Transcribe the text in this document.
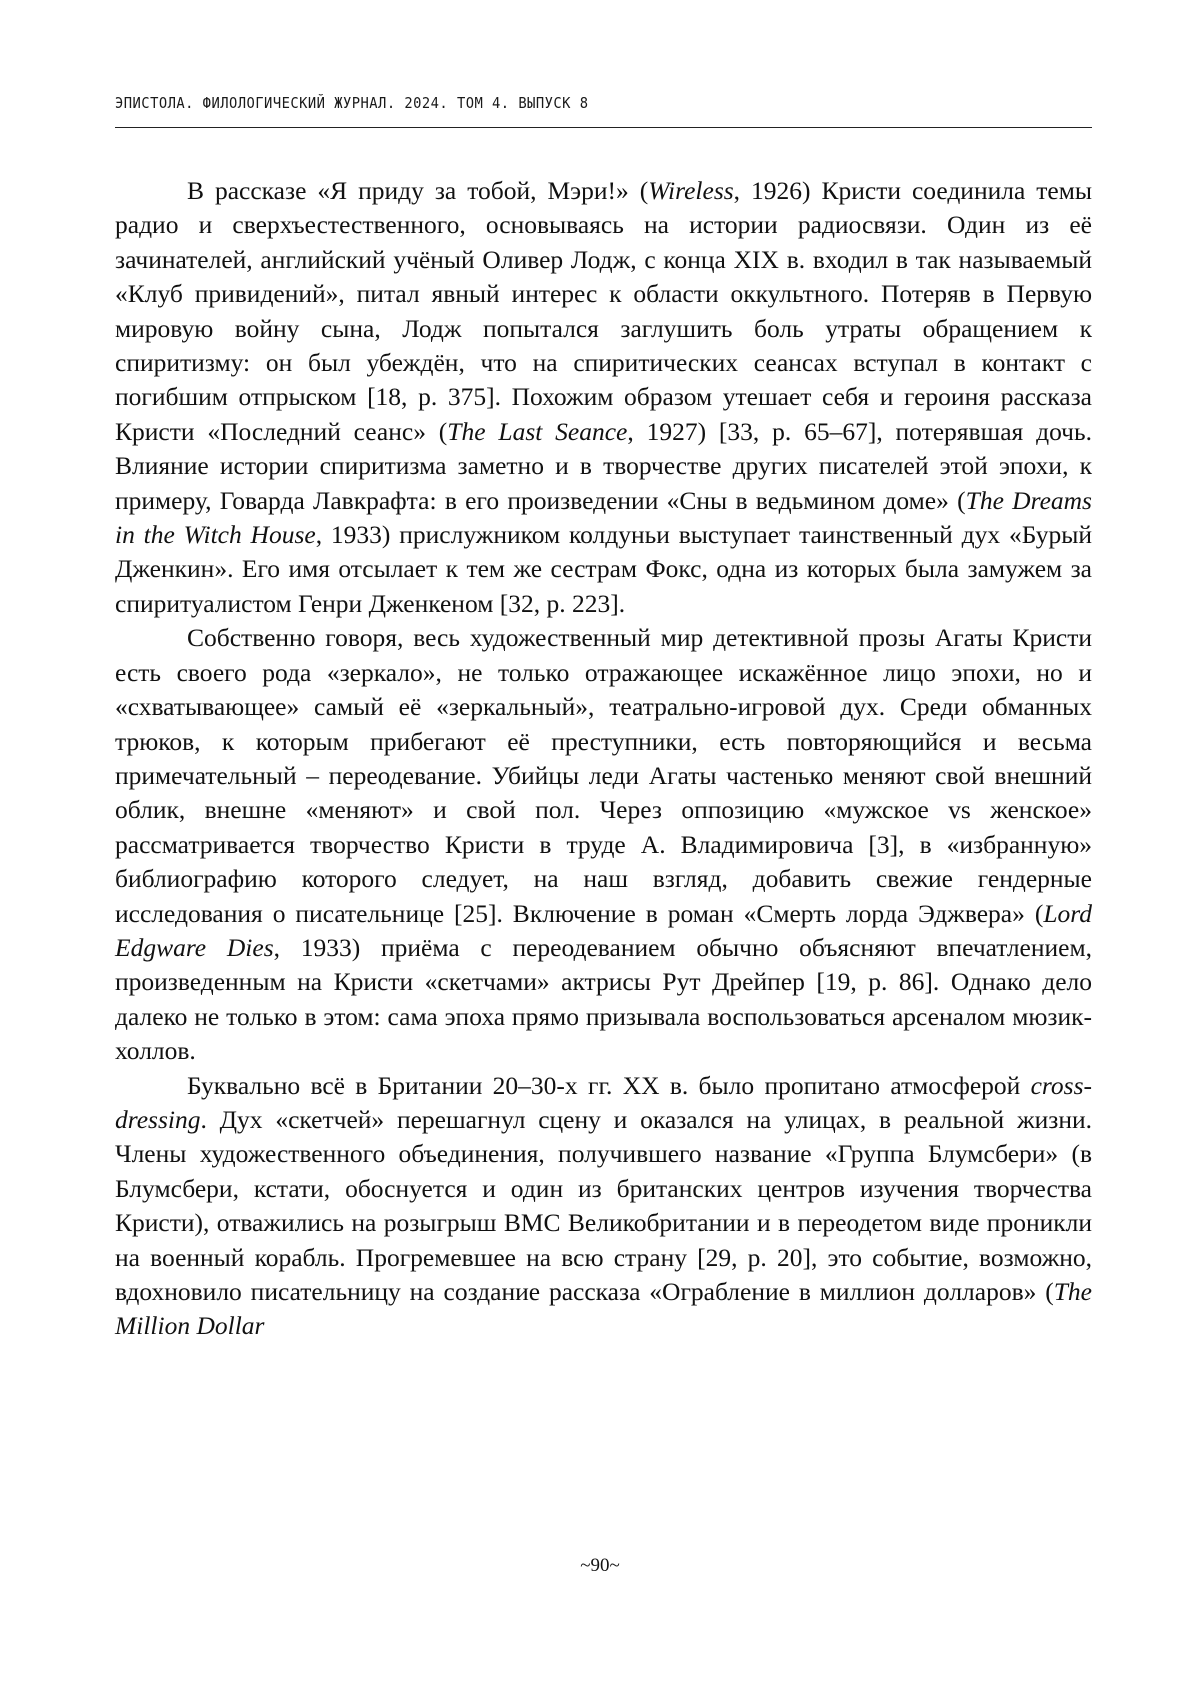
ЭПИСТОЛА. ФИЛОЛОГИЧЕСКИЙ ЖУРНАЛ. 2024. ТОМ 4. ВЫПУСК 8

В рассказе «Я приду за тобой, Мэри!» (Wireless, 1926) Кристи соединила темы радио и сверхъестественного, основываясь на истории радиосвязи. Один из её зачинателей, английский учёный Оливер Лодж, с конца XIX в. входил в так называемый «Клуб привидений», питал явный интерес к области оккультного. Потеряв в Первую мировую войну сына, Лодж попытался заглушить боль утраты обращением к спиритизму: он был убеждён, что на спиритических сеансах вступал в контакт с погибшим отпрыском [18, р. 375]. Похожим образом утешает себя и героиня рассказа Кристи «Последний сеанс» (The Last Seance, 1927) [33, р. 65–67], потерявшая дочь. Влияние истории спиритизма заметно и в творчестве других писателей этой эпохи, к примеру, Говарда Лавкрафта: в его произведении «Сны в ведьмином доме» (The Dreams in the Witch House, 1933) прислужником колдуньи выступает таинственный дух «Бурый Дженкин». Его имя отсылает к тем же сестрам Фокс, одна из которых была замужем за спиритуалистом Генри Дженкеном [32, р. 223].

Собственно говоря, весь художественный мир детективной прозы Агаты Кристи есть своего рода «зеркало», не только отражающее искажённое лицо эпохи, но и «схватывающее» самый её «зеркальный», театрально-игровой дух. Среди обманных трюков, к которым прибегают её преступники, есть повторяющийся и весьма примечательный – переодевание. Убийцы леди Агаты частенько меняют свой внешний облик, внешне «меняют» и свой пол. Через оппозицию «мужское vs женское» рассматривается творчество Кристи в труде А. Владимировича [3], в «избранную» библиографию которого следует, на наш взгляд, добавить свежие гендерные исследования о писательнице [25]. Включение в роман «Смерть лорда Эджвера» (Lord Edgware Dies, 1933) приёма с переодеванием обычно объясняют впечатлением, произведенным на Кристи «скетчами» актрисы Рут Дрейпер [19, р. 86]. Однако дело далеко не только в этом: сама эпоха прямо призывала воспользоваться арсеналом мюзик-холлов.

Буквально всё в Британии 20–30-х гг. XX в. было пропитано атмосферой cross-dressing. Дух «скетчей» перешагнул сцену и оказался на улицах, в реальной жизни. Члены художественного объединения, получившего название «Группа Блумсбери» (в Блумсбери, кстати, обоснуется и один из британских центров изучения творчества Кристи), отважились на розыгрыш ВМС Великобритании и в переодетом виде проникли на военный корабль. Прогремевшее на всю страну [29, р. 20], это событие, возможно, вдохновило писательницу на создание рассказа «Ограбление в миллион долларов» (The Million Dollar

~90~
